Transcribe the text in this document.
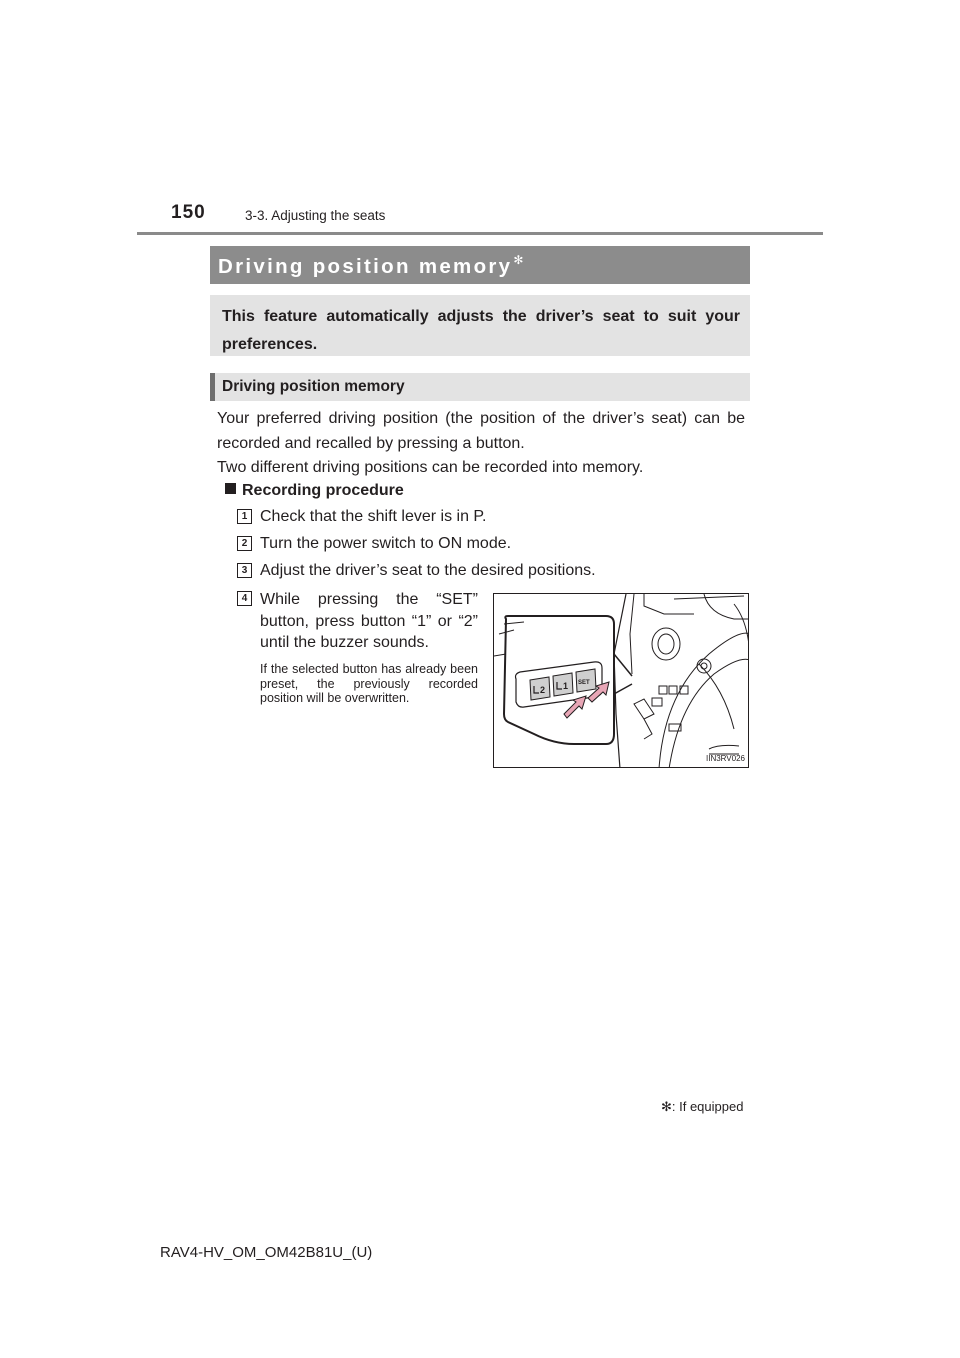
150	3-3. Adjusting the seats
Driving position memory✻
This feature automatically adjusts the driver’s seat to suit your preferences.
Driving position memory
Your preferred driving position (the position of the driver’s seat) can be recorded and recalled by pressing a button.
Two different driving positions can be recorded into memory.
Recording procedure
1 Check that the shift lever is in P.
2 Turn the power switch to ON mode.
3 Adjust the driver’s seat to the desired positions.
4 While pressing the “SET” button, press button “1” or “2” until the buzzer sounds.
If the selected button has already been preset, the previously recorded position will be overwritten.
2 1 SET
IIN3RV026
✻: If equipped
RAV4-HV_OM_OM42B81U_(U)
